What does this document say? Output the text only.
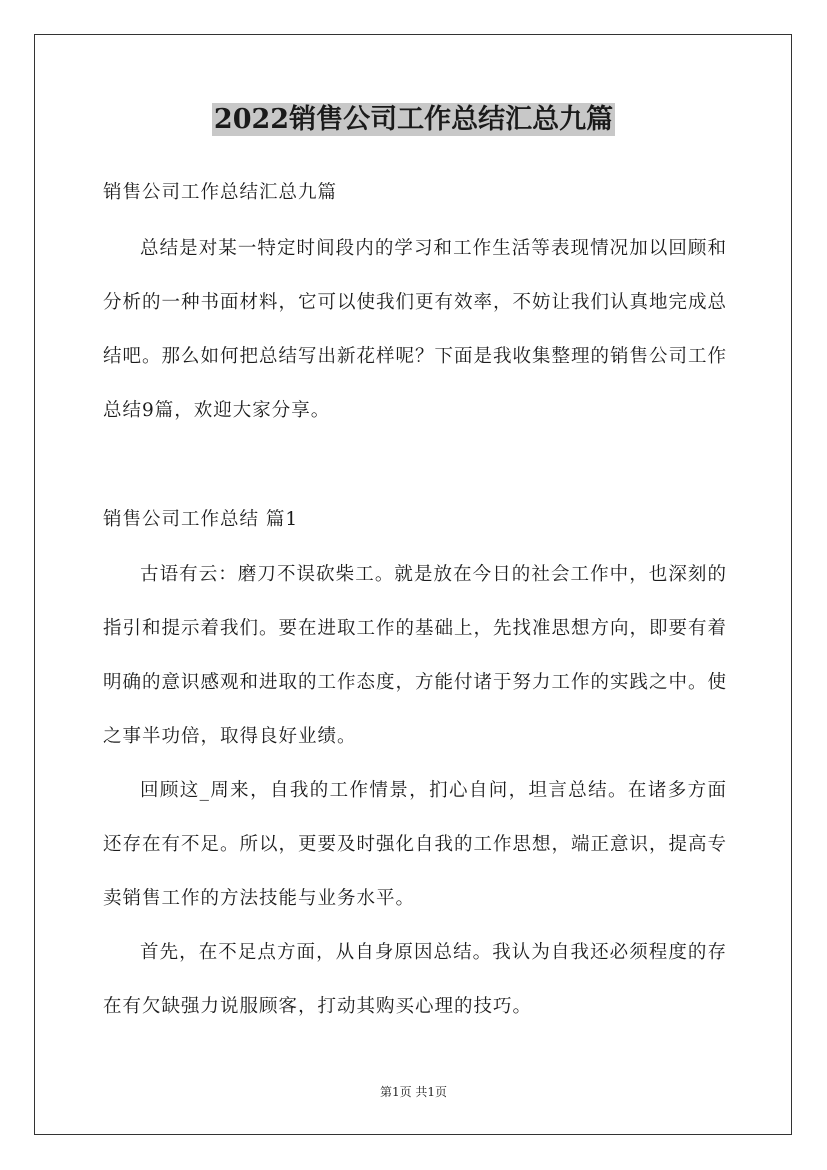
2022销售公司工作总结汇总九篇
销售公司工作总结汇总九篇
总结是对某一特定时间段内的学习和工作生活等表现情况加以回顾和分析的一种书面材料，它可以使我们更有效率，不妨让我们认真地完成总结吧。那么如何把总结写出新花样呢？下面是我收集整理的销售公司工作总结9篇，欢迎大家分享。
销售公司工作总结 篇1
古语有云：磨刀不误砍柴工。就是放在今日的社会工作中，也深刻的指引和提示着我们。要在进取工作的基础上，先找准思想方向，即要有着明确的意识感观和进取的工作态度，方能付诸于努力工作的实践之中。使之事半功倍，取得良好业绩。
回顾这_周来，自我的工作情景，扪心自问，坦言总结。在诸多方面还存在有不足。所以，更要及时强化自我的工作思想，端正意识，提高专卖销售工作的方法技能与业务水平。
首先，在不足点方面，从自身原因总结。我认为自我还必须程度的存在有欠缺强力说服顾客，打动其购买心理的技巧。
第1页 共1页
